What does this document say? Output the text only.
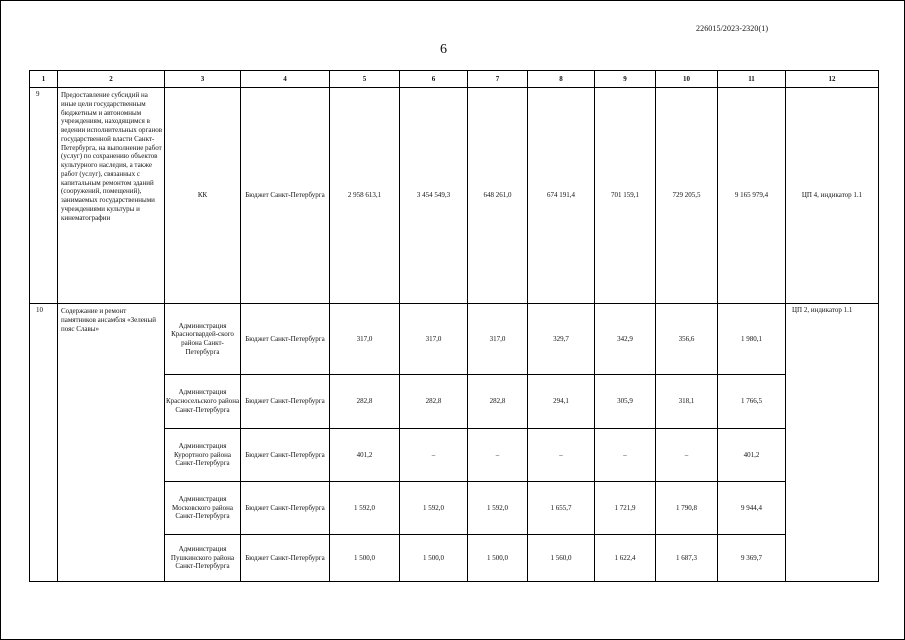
226015/2023-2320(1)
6
1	2	3	4	5	6	7	8	9	10	11	12
9	Предоставление субсидий на иные цели государственным бюджетным и автономным учреждениям, находящимся в ведении исполнительных органов государственной власти Санкт-Петербурга, на выполнение работ (услуг) по сохранению объектов культурного наследия, а также работ (услуг), связанных с капитальным ремонтом зданий (сооружений, помещений), занимаемых государственными учреждениями культуры и кинематографии	КК	Бюджет Санкт-Петербурга	2 958 613,1	3 454 549,3	648 261,0	674 191,4	701 159,1	729 205,5	9 165 979,4	ЦП 4, индикатор 1.1
10	Содержание и ремонт памятников ансамбля «Зеленый пояс Славы»	Администрация Красногвардей-ского района Санкт-Петербурга	Бюджет Санкт-Петербурга	317,0	317,0	317,0	329,7	342,9	356,6	1 980,1	ЦП 2, индикатор 1.1
		Администрация Красносельского района Санкт-Петербурга	Бюджет Санкт-Петербурга	282,8	282,8	282,8	294,1	305,9	318,1	1 766,5	
		Администрация Курортного района Санкт-Петербурга	Бюджет Санкт-Петербурга	401,2	–	–	–	–	–	401,2	
		Администрация Московского района Санкт-Петербурга	Бюджет Санкт-Петербурга	1 592,0	1 592,0	1 592,0	1 655,7	1 721,9	1 790,8	9 944,4	
		Администрация Пушкинского района Санкт-Петербурга	Бюджет Санкт-Петербурга	1 500,0	1 500,0	1 500,0	1 560,0	1 622,4	1 687,3	9 369,7	
